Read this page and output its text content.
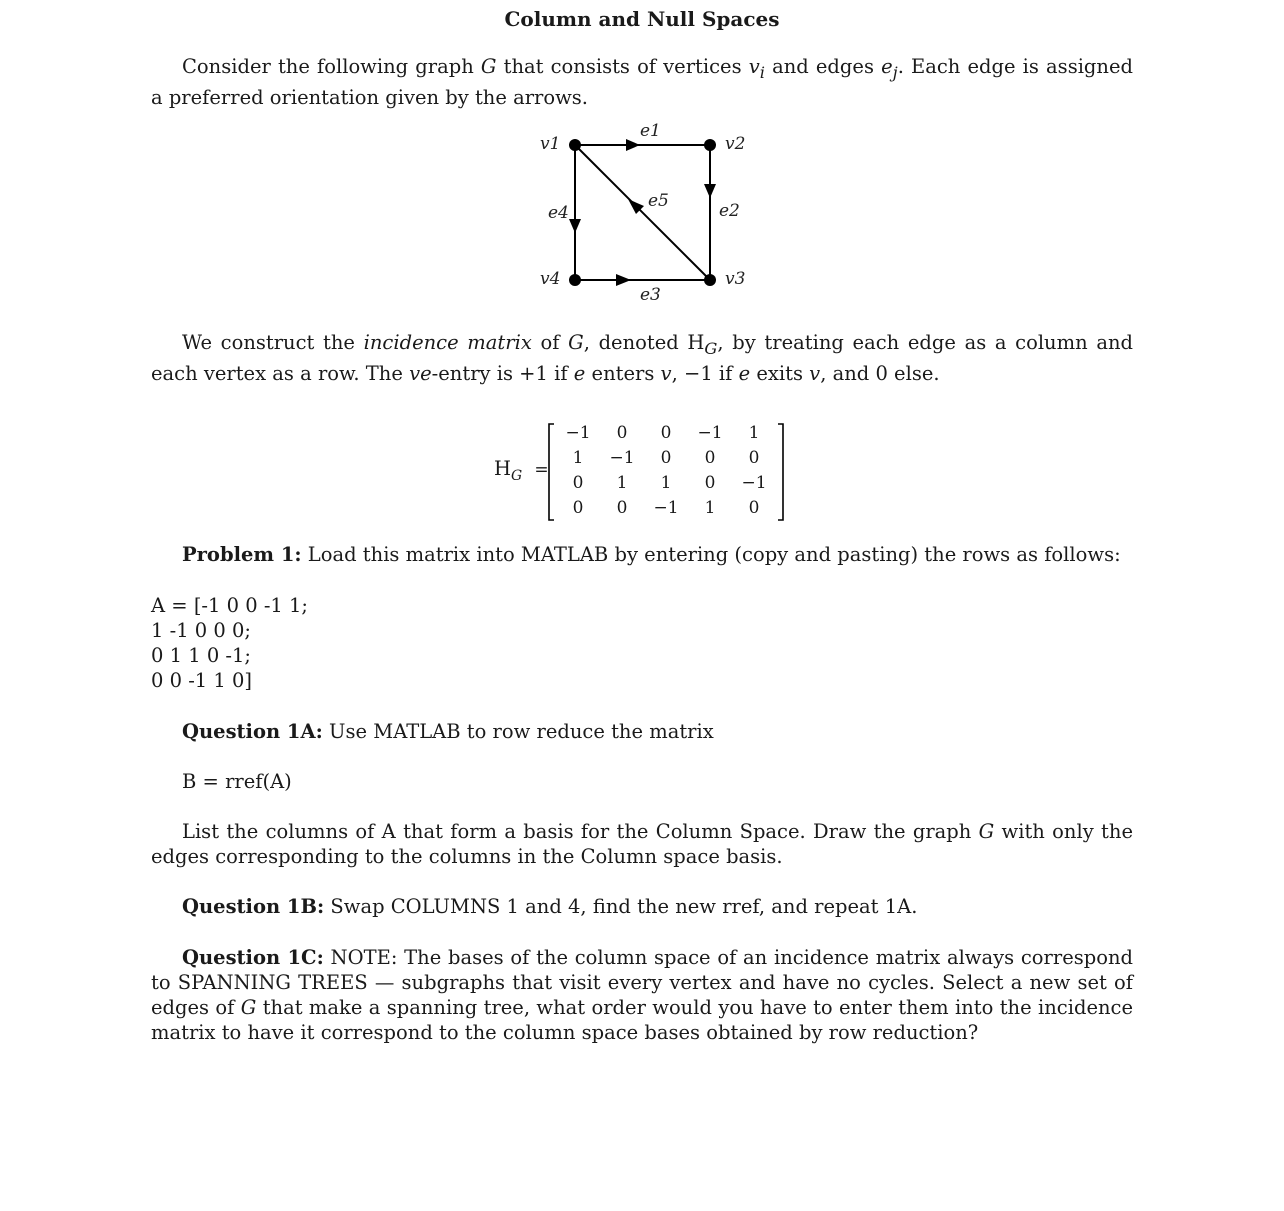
Column and Null Spaces
Consider the following graph G that consists of vertices $v_i$ and edges $e_j$. Each edge is assigned a preferred orientation given by the arrows.
v1	v2
v3
v4
e1
e2
e3
e4
e5
We construct the incidence matrix of G, denoted $H_G$, by treating each edge as a column and each vertex as a row. The ve-entry is +1 if e enters v, −1 if e exits v, and 0 else.
$H_G$ =
−1	0	0	−1	1
1	−1	0	0	0
0	1	1	0	−1
0	0	−1	1	0
Problem 1: Load this matrix into MATLAB by entering (copy and pasting) the rows as follows:
A = [-1 0 0 -1 1;
1 -1 0 0 0;
0 1 1 0 -1;
0 0 -1 1 0]
Question 1A: Use MATLAB to row reduce the matrix
B = rref(A)
List the columns of A that form a basis for the Column Space. Draw the graph G with only the edges corresponding to the columns in the Column space basis.
Question 1B: Swap COLUMNS 1 and 4, find the new rref, and repeat 1A.
Question 1C: NOTE: The bases of the column space of an incidence matrix always correspond to SPANNING TREES — subgraphs that visit every vertex and have no cycles. Select a new set of edges of G that make a spanning tree, what order would you have to enter them into the incidence matrix to have it correspond to the column space bases obtained by row reduction?
